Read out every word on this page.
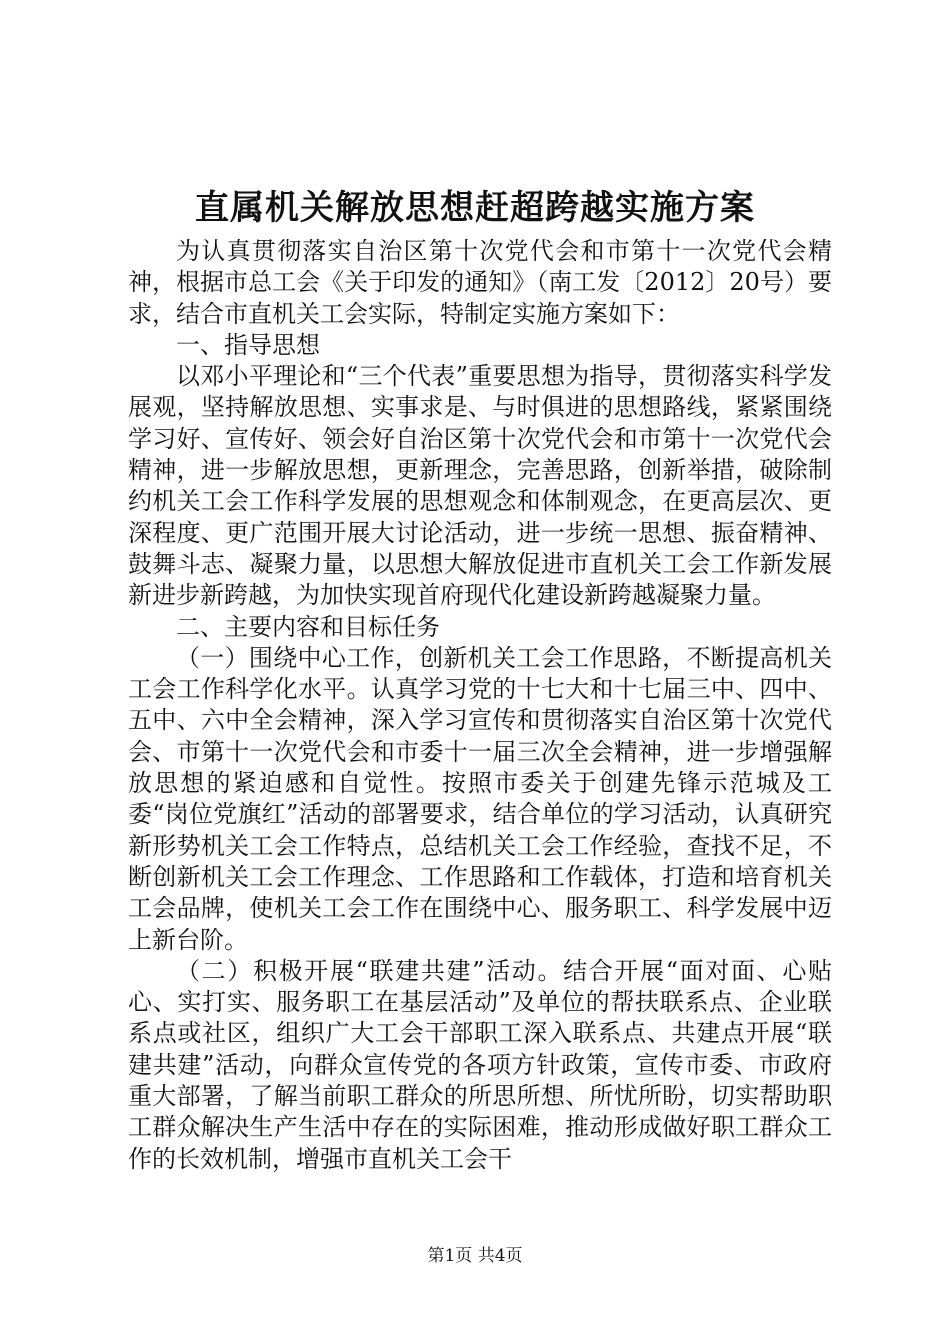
直属机关解放思想赶超跨越实施方案

为认真贯彻落实自治区第十次党代会和市第十一次党代会精神，根据市总工会《关于印发的通知》（南工发〔2012〕20号）要求，结合市直机关工会实际，特制定实施方案如下：

一、指导思想

以邓小平理论和“三个代表”重要思想为指导，贯彻落实科学发展观，坚持解放思想、实事求是、与时俱进的思想路线，紧紧围绕学习好、宣传好、领会好自治区第十次党代会和市第十一次党代会精神，进一步解放思想，更新理念，完善思路，创新举措，破除制约机关工会工作科学发展的思想观念和体制观念，在更高层次、更深程度、更广范围开展大讨论活动，进一步统一思想、振奋精神、鼓舞斗志、凝聚力量，以思想大解放促进市直机关工会工作新发展新进步新跨越，为加快实现首府现代化建设新跨越凝聚力量。

二、主要内容和目标任务

（一）围绕中心工作，创新机关工会工作思路，不断提高机关工会工作科学化水平。认真学习党的十七大和十七届三中、四中、五中、六中全会精神，深入学习宣传和贯彻落实自治区第十次党代会、市第十一次党代会和市委十一届三次全会精神，进一步增强解放思想的紧迫感和自觉性。按照市委关于创建先锋示范城及工委“岗位党旗红”活动的部署要求，结合单位的学习活动，认真研究新形势机关工会工作特点，总结机关工会工作经验，查找不足，不断创新机关工会工作理念、工作思路和工作载体，打造和培育机关工会品牌，使机关工会工作在围绕中心、服务职工、科学发展中迈上新台阶。

（二）积极开展“联建共建”活动。结合开展“面对面、心贴心、实打实、服务职工在基层活动”及单位的帮扶联系点、企业联系点或社区，组织广大工会干部职工深入联系点、共建点开展“联建共建”活动，向群众宣传党的各项方针政策，宣传市委、市政府重大部署，了解当前职工群众的所思所想、所忧所盼，切实帮助职工群众解决生产生活中存在的实际困难，推动形成做好职工群众工作的长效机制，增强市直机关工会干

第1页 共4页
